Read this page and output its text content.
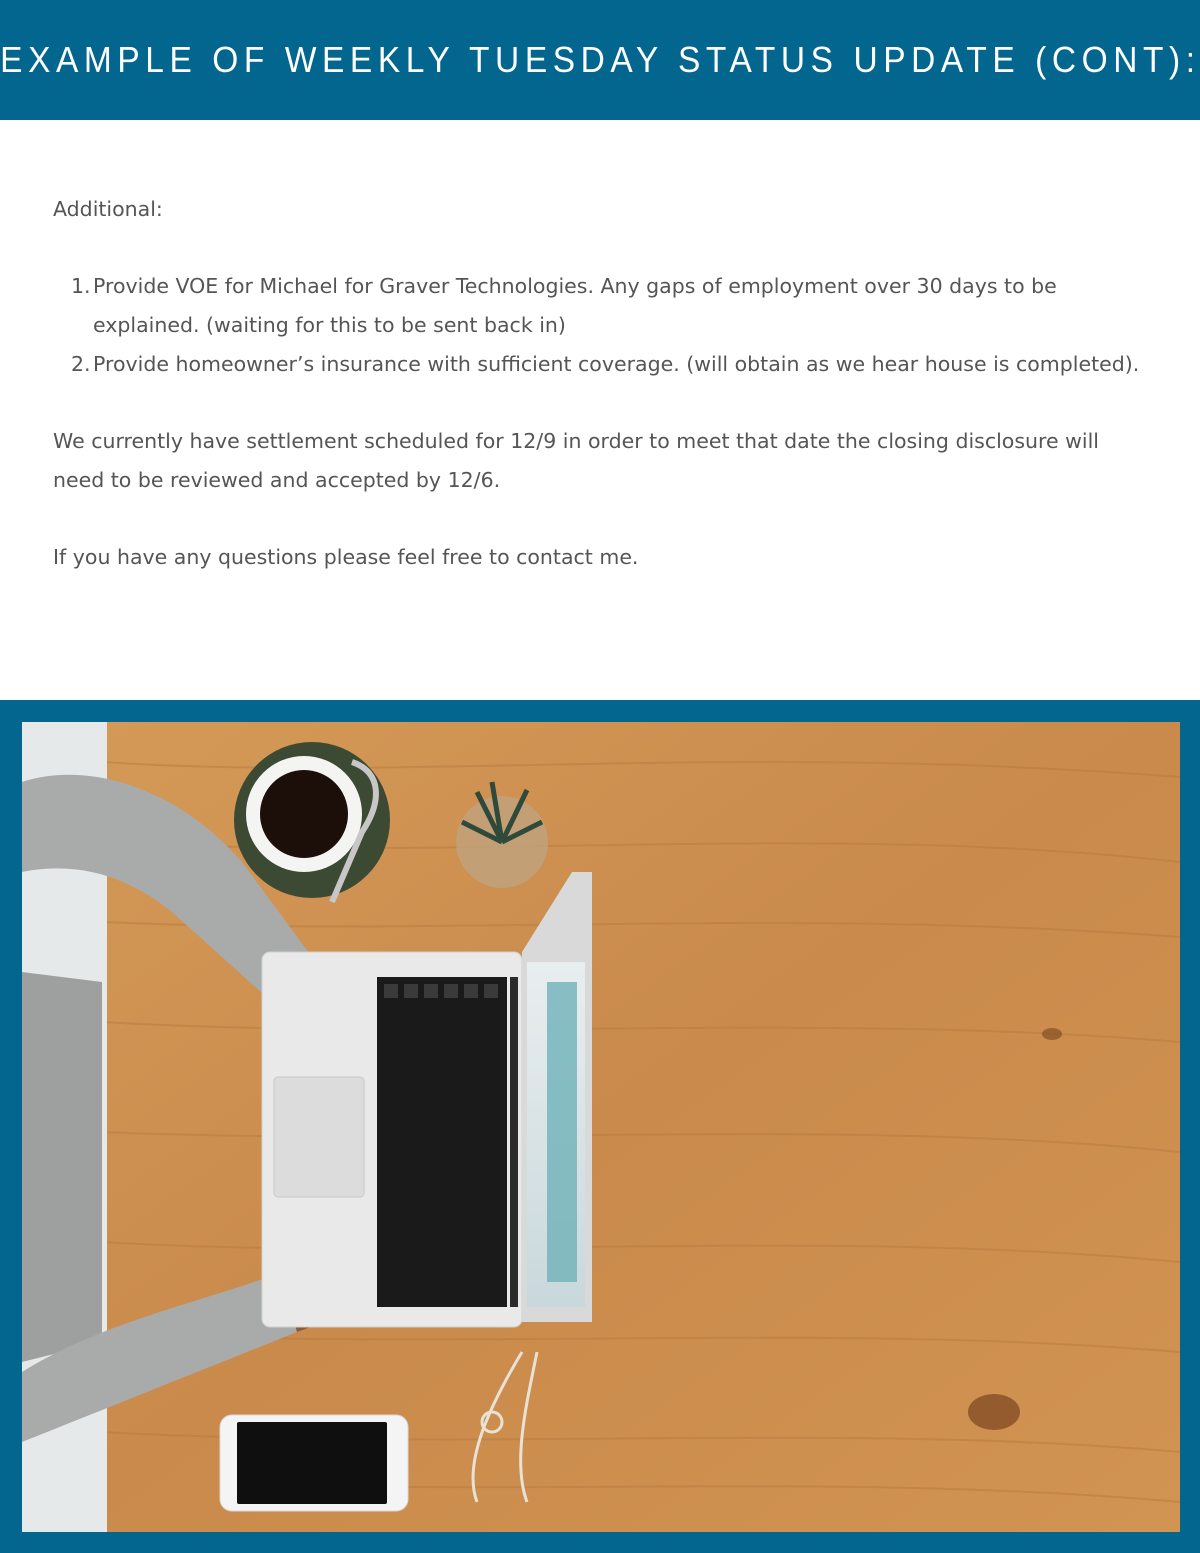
EXAMPLE OF WEEKLY TUESDAY STATUS UPDATE (CONT):

Additional:

1. Provide VOE for Michael for Graver Technologies. Any gaps of employment over 30 days to be explained. (waiting for this to be sent back in)
2. Provide homeowner’s insurance with sufficient coverage. (will obtain as we hear house is completed).

We currently have settlement scheduled for 12/9 in order to meet that date the closing disclosure will need to be reviewed and accepted by 12/6.

If you have any questions please feel free to contact me.
